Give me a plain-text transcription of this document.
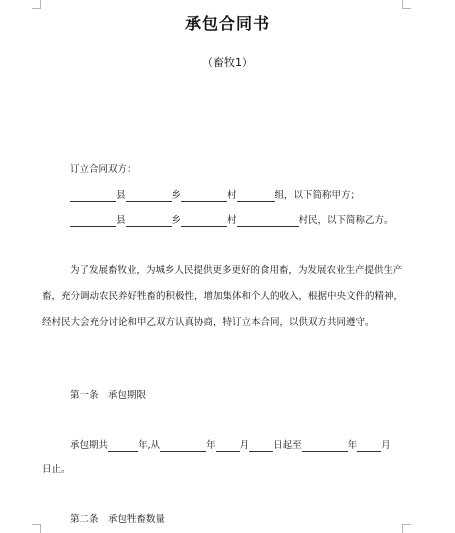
承包合同书
（畜牧1）
订立合同双方：
县	乡	村	组，以下简称甲方；
县	乡	村	村民，以下简称乙方。
为了发展畜牧业，为城乡人民提供更多更好的食用畜，为发展农业生产提供生产畜，充分调动农民养好牲畜的积极性，增加集体和个人的收入，根据中央文件的精神，经村民大会充分讨论和甲乙双方认真协商，特订立本合同，以供双方共同遵守。
第一条　承包期限
承包期共	年,从	年	月	日起至	年	月
日止。
第二条　承包牲畜数量
